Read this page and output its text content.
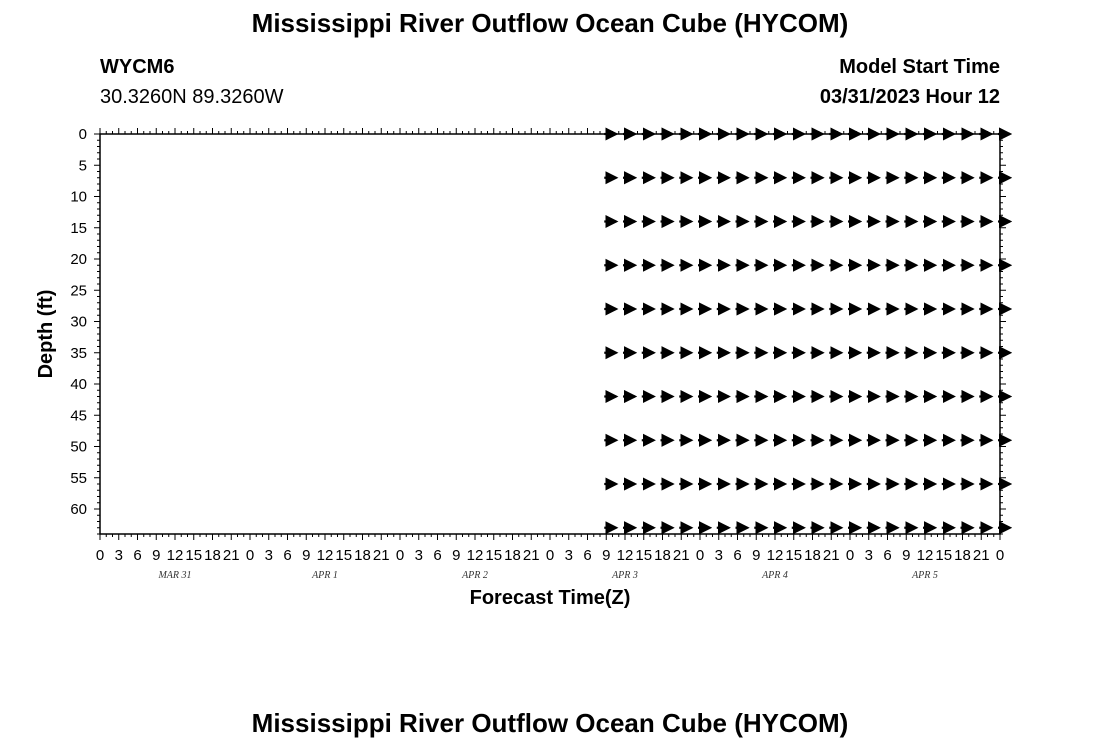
Mississippi River Outflow Ocean Cube (HYCOM)
WYCM6
30.3260N 89.3260W
Model Start Time
03/31/2023 Hour 12
0 3 6 9 12 15 18 21 0 3 6 9 12 15 18 21 0 3 6 9 12 15 18 21 0 3 6 9 12 15 18 21 0 3 6 9 12 15 18 21 0 3 6 9 12 15 18 21 0
MAR 31	APR 1	APR 2	APR 3	APR 4	APR 5
0
5
10
15
20
25
30
35
40
45
50
55
60
Forecast Time(Z)
Depth (ft)
Mississippi River Outflow Ocean Cube (HYCOM)
